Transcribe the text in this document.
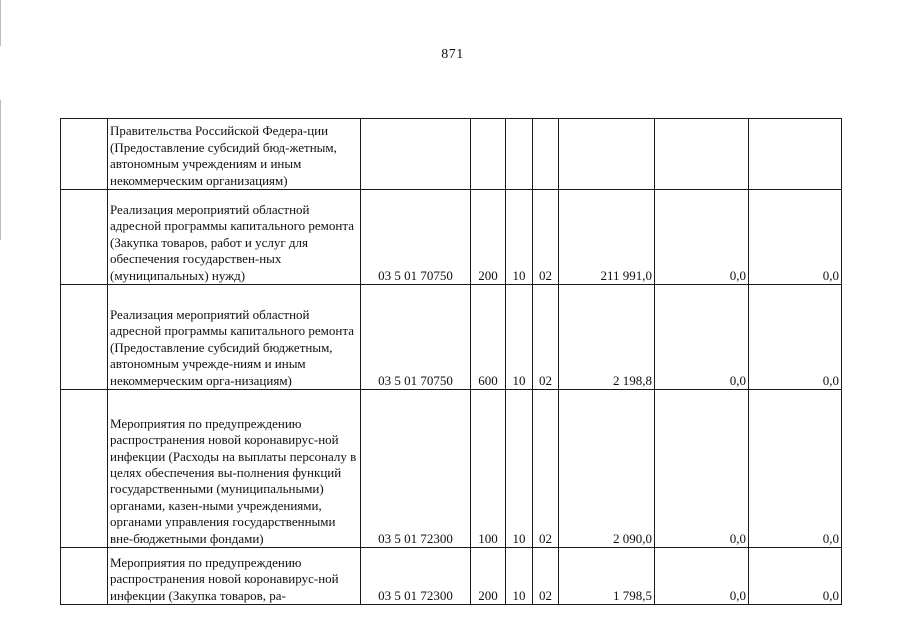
871
	Правительства Российской Федера-ции (Предоставление субсидий бюд-жетным, автономным учреждениям и иным некоммерческим организациям)							
	Реализация мероприятий областной адресной программы капитального ремонта (Закупка товаров, работ и услуг для обеспечения государствен-ных (муниципальных) нужд)	03 5 01 70750	200	10	02	211 991,0	0,0	0,0
	Реализация мероприятий областной адресной программы капитального ремонта (Предоставление субсидий бюджетным, автономным учрежде-ниям и иным некоммерческим орга-низациям)	03 5 01 70750	600	10	02	2 198,8	0,0	0,0
	Мероприятия по предупреждению распространения новой коронавирус-ной инфекции (Расходы на выплаты персоналу в целях обеспечения вы-полнения функций государственными (муниципальными) органами, казен-ными учреждениями, органами управления государственными вне-бюджетными фондами)	03 5 01 72300	100	10	02	2 090,0	0,0	0,0
	Мероприятия по предупреждению распространения новой коронавирус-ной инфекции (Закупка товаров, ра-	03 5 01 72300	200	10	02	1 798,5	0,0	0,0
